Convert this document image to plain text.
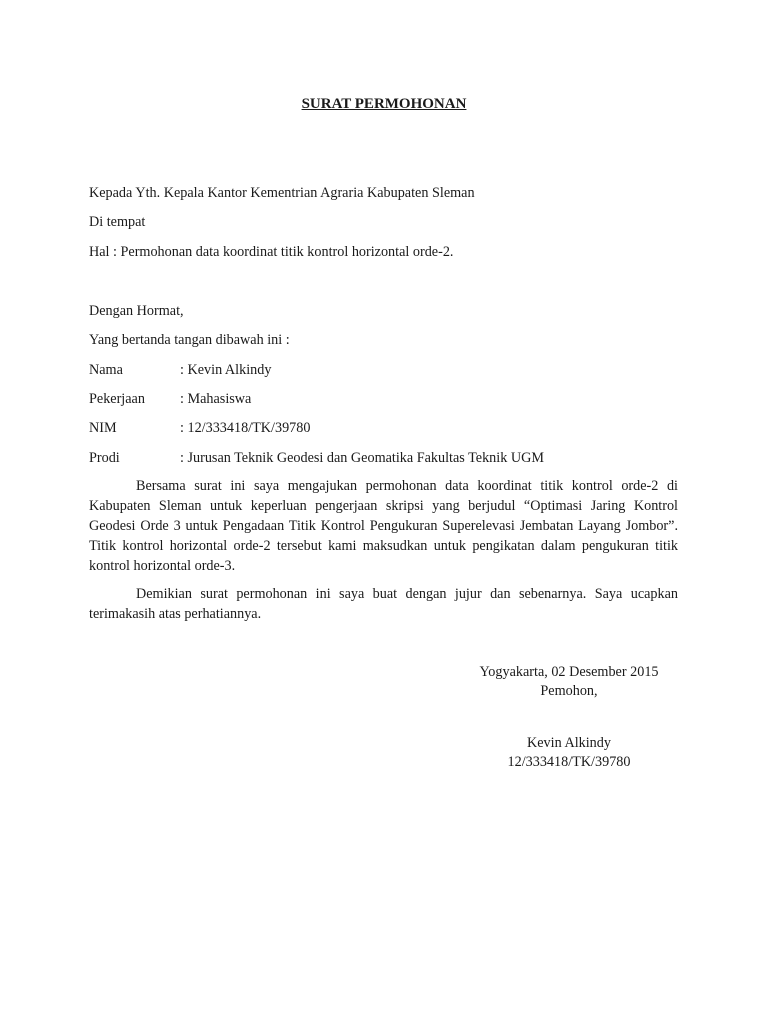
SURAT PERMOHONAN
Kepada Yth. Kepala Kantor Kementrian Agraria Kabupaten Sleman
Di tempat
Hal : Permohonan data koordinat titik kontrol horizontal orde-2.
Dengan Hormat,
Yang bertanda tangan dibawah ini :
Nama	: Kevin Alkindy
Pekerjaan : Mahasiswa
NIM	: 12/333418/TK/39780
Prodi	: Jurusan Teknik Geodesi dan Geomatika Fakultas Teknik UGM

Bersama surat ini saya mengajukan permohonan data koordinat titik kontrol orde-2 di Kabupaten Sleman untuk keperluan pengerjaan skripsi yang berjudul “Optimasi Jaring Kontrol Geodesi Orde 3 untuk Pengadaan Titik Kontrol Pengukuran Superelevasi Jembatan Layang Jombor”. Titik kontrol horizontal orde-2 tersebut kami maksudkan untuk pengikatan dalam pengukuran titik kontrol horizontal orde-3.

Demikian surat permohonan ini saya buat dengan jujur dan sebenarnya. Saya ucapkan terimakasih atas perhatiannya.

Yogyakarta, 02 Desember 2015
Pemohon,
Kevin Alkindy
12/333418/TK/39780
